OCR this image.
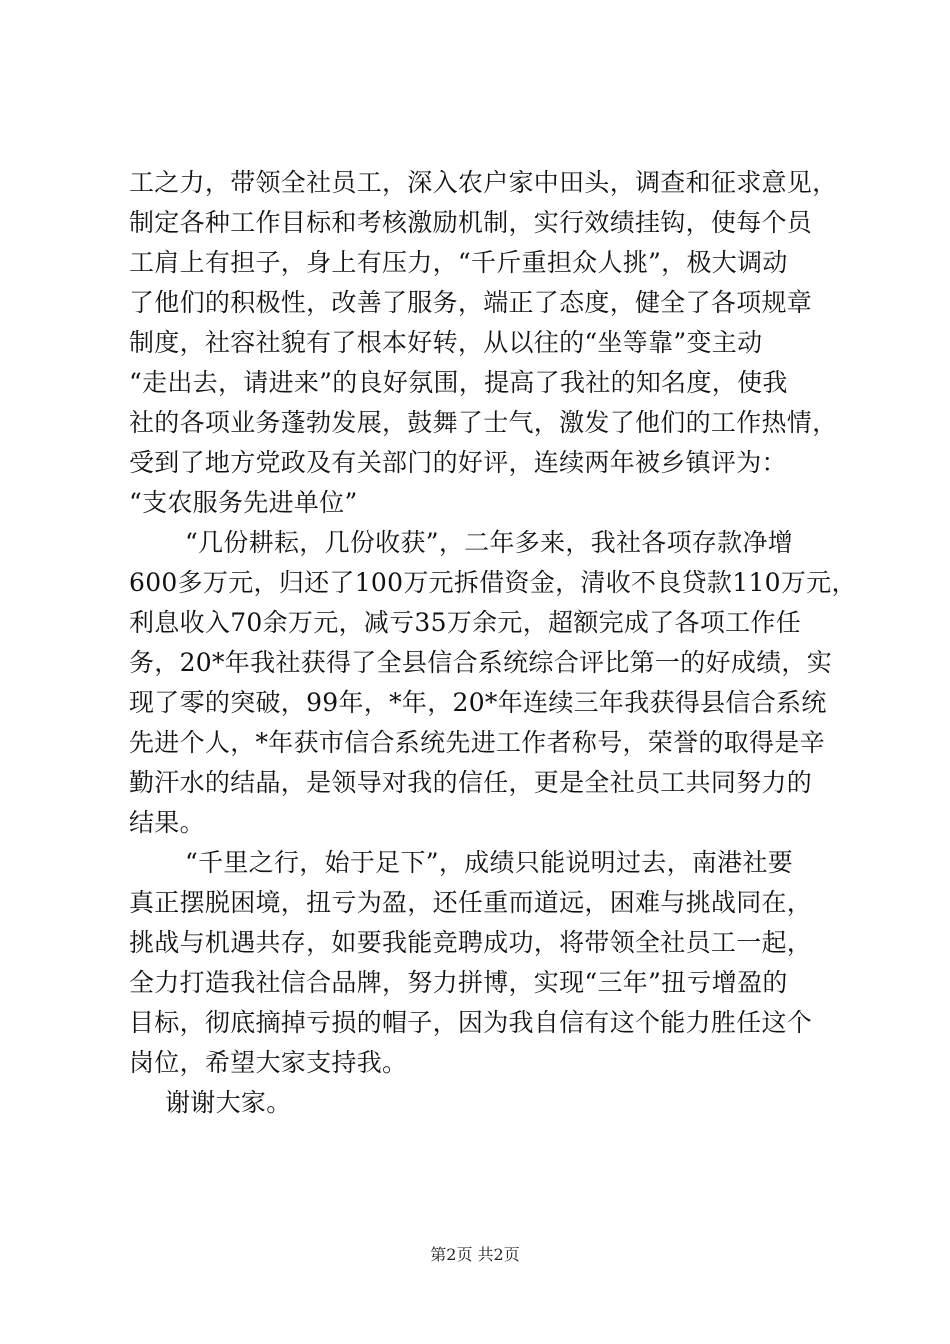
工之力，带领全社员工，深入农户家中田头，调查和征求意见，
制定各种工作目标和考核激励机制，实行效绩挂钩，使每个员
工肩上有担子，身上有压力，“千斤重担众人挑”，极大调动
了他们的积极性，改善了服务，端正了态度，健全了各项规章
制度，社容社貌有了根本好转，从以往的“坐等靠”变主动
“走出去，请进来”的良好氛围，提高了我社的知名度，使我
社的各项业务蓬勃发展，鼓舞了士气，激发了他们的工作热情，
受到了地方党政及有关部门的好评，连续两年被乡镇评为：
“支农服务先进单位”
“几份耕耘，几份收获”，二年多来，我社各项存款净增
600多万元，归还了100万元拆借资金，清收不良贷款110万元，
利息收入70余万元，减亏35万余元，超额完成了各项工作任
务，20*年我社获得了全县信合系统综合评比第一的好成绩，实
现了零的突破，99年，*年，20*年连续三年我获得县信合系统
先进个人，*年获市信合系统先进工作者称号，荣誉的取得是辛
勤汗水的结晶，是领导对我的信任，更是全社员工共同努力的
结果。
“千里之行，始于足下”，成绩只能说明过去，南港社要
真正摆脱困境，扭亏为盈，还任重而道远，困难与挑战同在，
挑战与机遇共存，如要我能竞聘成功，将带领全社员工一起，
全力打造我社信合品牌，努力拼博，实现“三年”扭亏增盈的
目标，彻底摘掉亏损的帽子，因为我自信有这个能力胜任这个
岗位，希望大家支持我。
谢谢大家。
第2页 共2页
